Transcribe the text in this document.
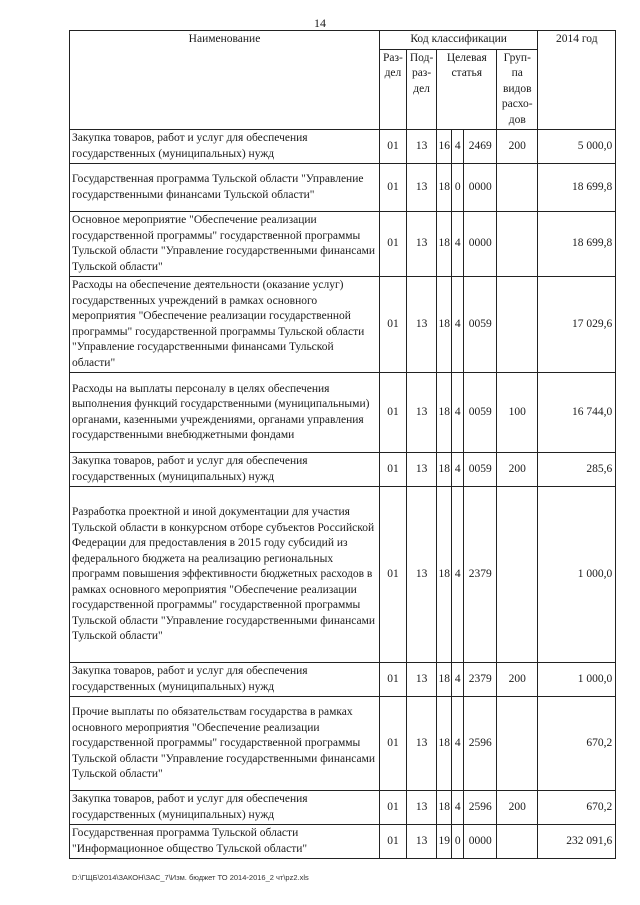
14
Наименование	Код классификации						2014 год
	Раз-дел	Под-раз-дел	Целевая статья			Груп-па видов расхо-дов	
Закупка товаров, работ и услуг для обеспечения государственных (муниципальных) нужд	01	13	16	4	2469	200	5 000,0
Государственная программа Тульской области "Управление государственными финансами Тульской области"	01	13	18	0	0000		18 699,8
Основное мероприятие "Обеспечение реализации государственной программы" государственной программы Тульской области "Управление государственными финансами Тульской области"	01	13	18	4	0000		18 699,8
Расходы на обеспечение деятельности (оказание услуг) государственных учреждений в рамках основного мероприятия "Обеспечение реализации государственной программы" государственной программы Тульской области "Управление государственными финансами Тульской области"	01	13	18	4	0059		17 029,6
Расходы на выплаты персоналу в целях обеспечения выполнения функций государственными (муниципальными) органами, казенными учреждениями, органами управления государственными внебюджетными фондами	01	13	18	4	0059	100	16 744,0
Закупка товаров, работ и услуг для обеспечения государственных (муниципальных) нужд	01	13	18	4	0059	200	285,6
Разработка проектной и иной документации для участия Тульской области в конкурсном отборе субъектов Российской Федерации для предоставления в 2015 году субсидий из федерального бюджета на реализацию региональных программ повышения эффективности бюджетных расходов в рамках основного мероприятия "Обеспечение реализации государственной программы" государственной программы Тульской области "Управление государственными финансами Тульской области"	01	13	18	4	2379		1 000,0
Закупка товаров, работ и услуг для обеспечения государственных (муниципальных) нужд	01	13	18	4	2379	200	1 000,0
Прочие выплаты по обязательствам государства в рамках основного мероприятия "Обеспечение реализации государственной программы" государственной программы Тульской области "Управление государственными финансами Тульской области"	01	13	18	4	2596		670,2
Закупка товаров, работ и услуг для обеспечения государственных (муниципальных) нужд	01	13	18	4	2596	200	670,2
Государственная программа Тульской области "Информационное общество Тульской области"	01	13	19	0	0000		232 091,6
D:\ГЩБ\2014\ЗАКОН\ЗАС_7\Изм. бюджет ТО 2014-2016_2 чт\рz2.xls
